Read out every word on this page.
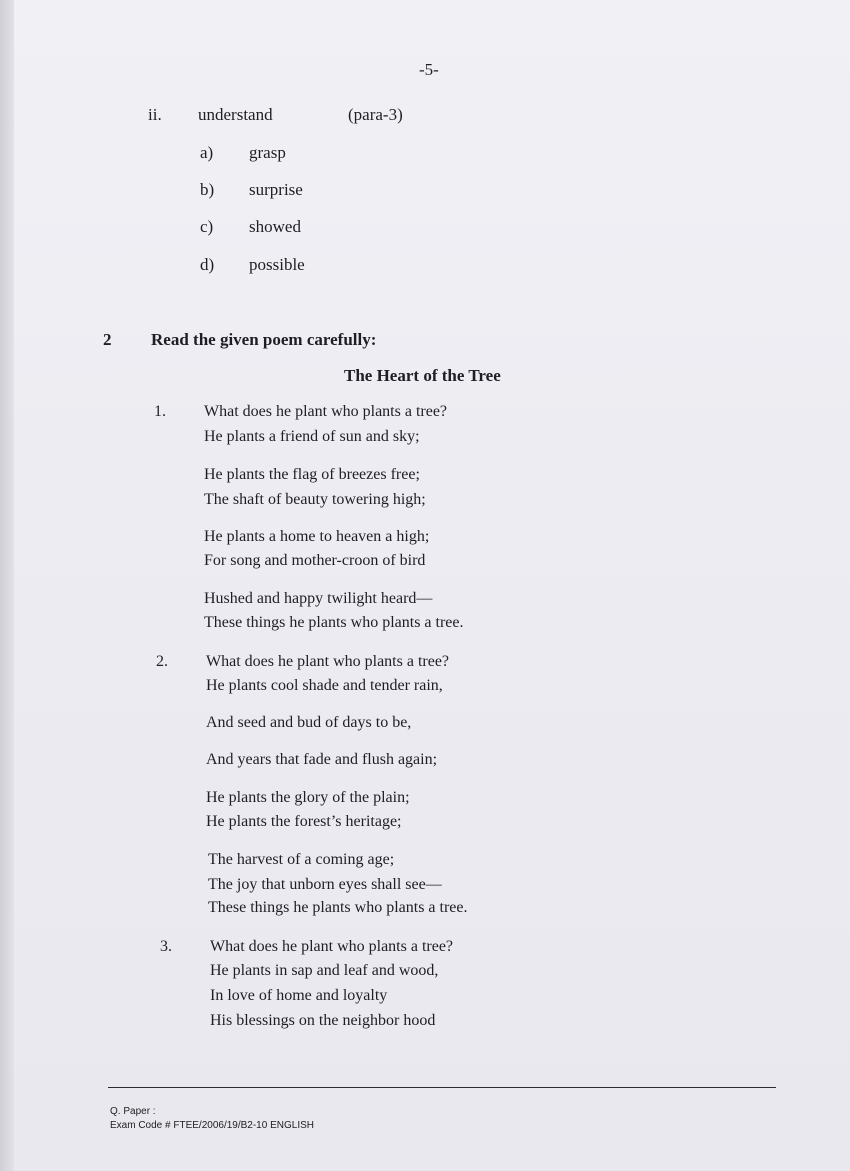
-5-
ii. understand	(para-3)
a) grasp
b) surprise
c) showed
d) possible
2 Read the given poem carefully:
The Heart of the Tree
1. What does he plant who plants a tree?
He plants a friend of sun and sky;
He plants the flag of breezes free;
The shaft of beauty towering high;
He plants a home to heaven a high;
For song and mother-croon of bird
Hushed and happy twilight heard—
These things he plants who plants a tree.
2. What does he plant who plants a tree?
He plants cool shade and tender rain,
And seed and bud of days to be,
And years that fade and flush again;
He plants the glory of the plain;
He plants the forest’s heritage;
The harvest of a coming age;
The joy that unborn eyes shall see—
These things he plants who plants a tree.
3. What does he plant who plants a tree?
He plants in sap and leaf and wood,
In love of home and loyalty
His blessings on the neighbor hood
Q. Paper :
Exam Code # FTEE/2006/19/B2-10 ENGLISH
